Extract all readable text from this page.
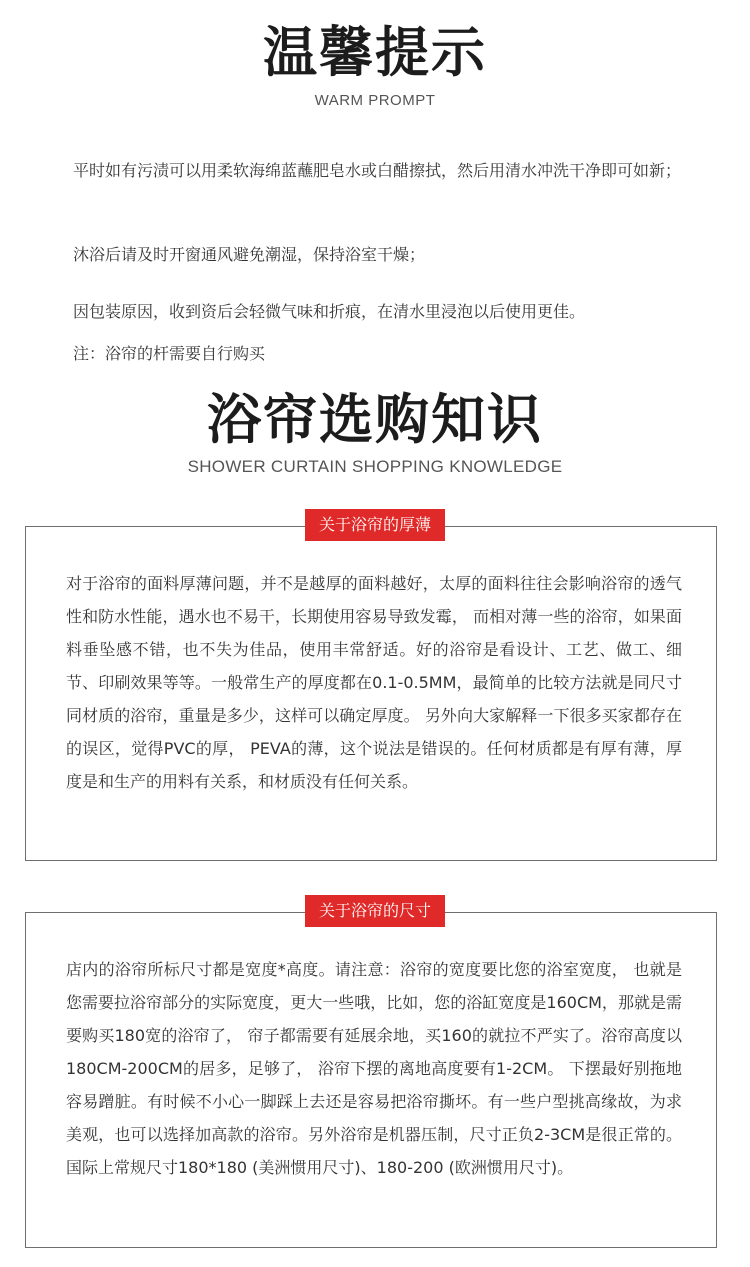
温馨提示
WARM PROMPT
平时如有污渍可以用柔软海绵蓝蘸肥皂水或白醋擦拭，然后用清水冲洗干净即可如新；
沐浴后请及时开窗通风避免潮湿，保持浴室干燥；
因包装原因，收到资后会轻微气味和折痕，在清水里浸泡以后使用更佳。
注：浴帘的杆需要自行购买
浴帘选购知识
SHOWER CURTAIN SHOPPING KNOWLEDGE
对于浴帘的面料厚薄问题，并不是越厚的面料越好，太厚的面料往往会影响浴帘的透气性和防水性能，遇水也不易干，长期使用容易导致发霉， 而相对薄一些的浴帘，如果面料垂坠感不错，也不失为佳品，使用丰常舒适。好的浴帘是看设计、工艺、做工、细节、印刷效果等等。一般常生产的厚度都在0.1-0.5MM，最简单的比较方法就是同尺寸同材质的浴帘，重量是多少，这样可以确定厚度。 另外向大家解释一下很多买家都存在的误区，觉得PVC的厚， PEVA的薄，这个说法是错误的。任何材质都是有厚有薄，厚度是和生产的用料有关系，和材质没有任何关系。
关于浴帘的厚薄
店内的浴帘所标尺寸都是宽度*高度。请注意：浴帘的宽度要比您的浴室宽度， 也就是您需要拉浴帘部分的实际宽度，更大一些哦，比如，您的浴缸宽度是160CM，那就是需要购买180宽的浴帘了， 帘子都需要有延展余地，买160的就拉不严实了。浴帘高度以180CM-200CM的居多，足够了， 浴帘下摆的离地高度要有1-2CM。 下摆最好别拖地容易蹭脏。有时候不小心一脚踩上去还是容易把浴帘撕坏。有一些户型挑高缘故，为求美观，也可以选择加高款的浴帘。另外浴帘是机器压制，尺寸正负2-3CM是很正常的。国际上常规尺寸180*180 (美洲惯用尺寸)、180-200 (欧洲惯用尺寸)。
关于浴帘的尺寸
